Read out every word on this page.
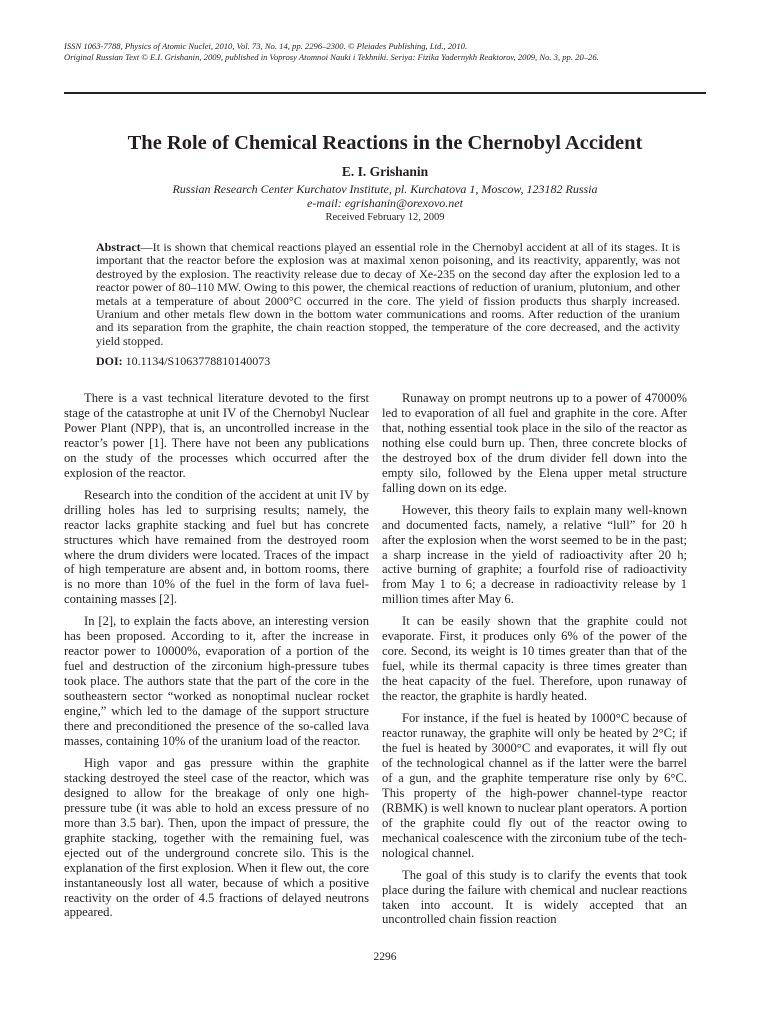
ISSN 1063-7788, Physics of Atomic Nuclei, 2010, Vol. 73, No. 14, pp. 2296–2300. © Pleiades Publishing, Ltd., 2010.
Original Russian Text © E.I. Grishanin, 2009, published in Voprosy Atomnoi Nauki i Tekhniki. Seriya: Fizika Yadernykh Reaktorov, 2009, No. 3, pp. 20–26.
The Role of Chemical Reactions in the Chernobyl Accident
E. I. Grishanin
Russian Research Center Kurchatov Institute, pl. Kurchatova 1, Moscow, 123182 Russia
e-mail: egrishanin@orexovo.net
Received February 12, 2009
Abstract—It is shown that chemical reactions played an essential role in the Chernobyl accident at all of its stages. It is important that the reactor before the explosion was at maximal xenon poisoning, and its reactivity, apparently, was not destroyed by the explosion. The reactivity release due to decay of Xe-235 on the second day after the explosion led to a reactor power of 80–110 MW. Owing to this power, the chemical reactions of reduction of uranium, plutonium, and other metals at a temperature of about 2000°C occurred in the core. The yield of fission products thus sharply increased. Uranium and other metals flew down in the bottom water communications and rooms. After reduction of the uranium and its separation from the graphite, the chain reaction stopped, the temperature of the core decreased, and the activity yield stopped.
DOI: 10.1134/S1063778810140073

There is a vast technical literature devoted to the first stage of the catastrophe at unit IV of the Chernobyl Nuclear Power Plant (NPP), that is, an uncontrolled increase in the reactor’s power [1]. There have not been any publications on the study of the processes which occurred after the explosion of the reactor.

Research into the condition of the accident at unit IV by drilling holes has led to surprising results; namely, the reactor lacks graphite stacking and fuel but has concrete structures which have remained from the destroyed room where the drum dividers were located. Traces of the impact of high temperature are absent and, in bottom rooms, there is no more than 10% of the fuel in the form of lava fuel-containing masses [2].

In [2], to explain the facts above, an interesting version has been proposed. According to it, after the increase in reactor power to 10000%, evaporation of a portion of the fuel and destruction of the zirconium high-pressure tubes took place. The authors state that the part of the core in the southeastern sector “worked as nonoptimal nuclear rocket engine,” which led to the damage of the support structure there and preconditioned the presence of the so-called lava masses, containing 10% of the uranium load of the reactor.

High vapor and gas pressure within the graphite stacking destroyed the steel case of the reactor, which was designed to allow for the breakage of only one high-pressure tube (it was able to hold an excess pressure of no more than 3.5 bar). Then, upon the impact of pressure, the graphite stacking, together with the remaining fuel, was ejected out of the underground concrete silo. This is the explanation of the first explosion. When it flew out, the core instantaneously lost all water, because of which a positive reactivity on the order of 4.5 fractions of delayed neutrons appeared.

Runaway on prompt neutrons up to a power of 47000% led to evaporation of all fuel and graphite in the core. After that, nothing essential took place in the silo of the reactor as nothing else could burn up. Then, three concrete blocks of the destroyed box of the drum divider fell down into the empty silo, followed by the Elena upper metal structure falling down on its edge.

However, this theory fails to explain many well-known and documented facts, namely, a relative “lull” for 20 h after the explosion when the worst seemed to be in the past; a sharp increase in the yield of radioactivity after 20 h; active burning of graphite; a fourfold rise of radioactivity from May 1 to 6; a decrease in radioactivity release by 1 million times after May 6.

It can be easily shown that the graphite could not evaporate. First, it produces only 6% of the power of the core. Second, its weight is 10 times greater than that of the fuel, while its thermal capacity is three times greater than the heat capacity of the fuel. Therefore, upon runaway of the reactor, the graphite is hardly heated.

For instance, if the fuel is heated by 1000°C because of reactor runaway, the graphite will only be heated by 2°C; if the fuel is heated by 3000°C and evaporates, it will fly out of the technological channel as if the latter were the barrel of a gun, and the graphite temperature rise only by 6°C. This property of the high-power channel-type reactor (RBMK) is well known to nuclear plant operators. A portion of the graphite could fly out of the reactor owing to mechanical coalescence with the zirconium tube of the technological channel.

The goal of this study is to clarify the events that took place during the failure with chemical and nuclear reactions taken into account. It is widely accepted that an uncontrolled chain fission reaction

2296
